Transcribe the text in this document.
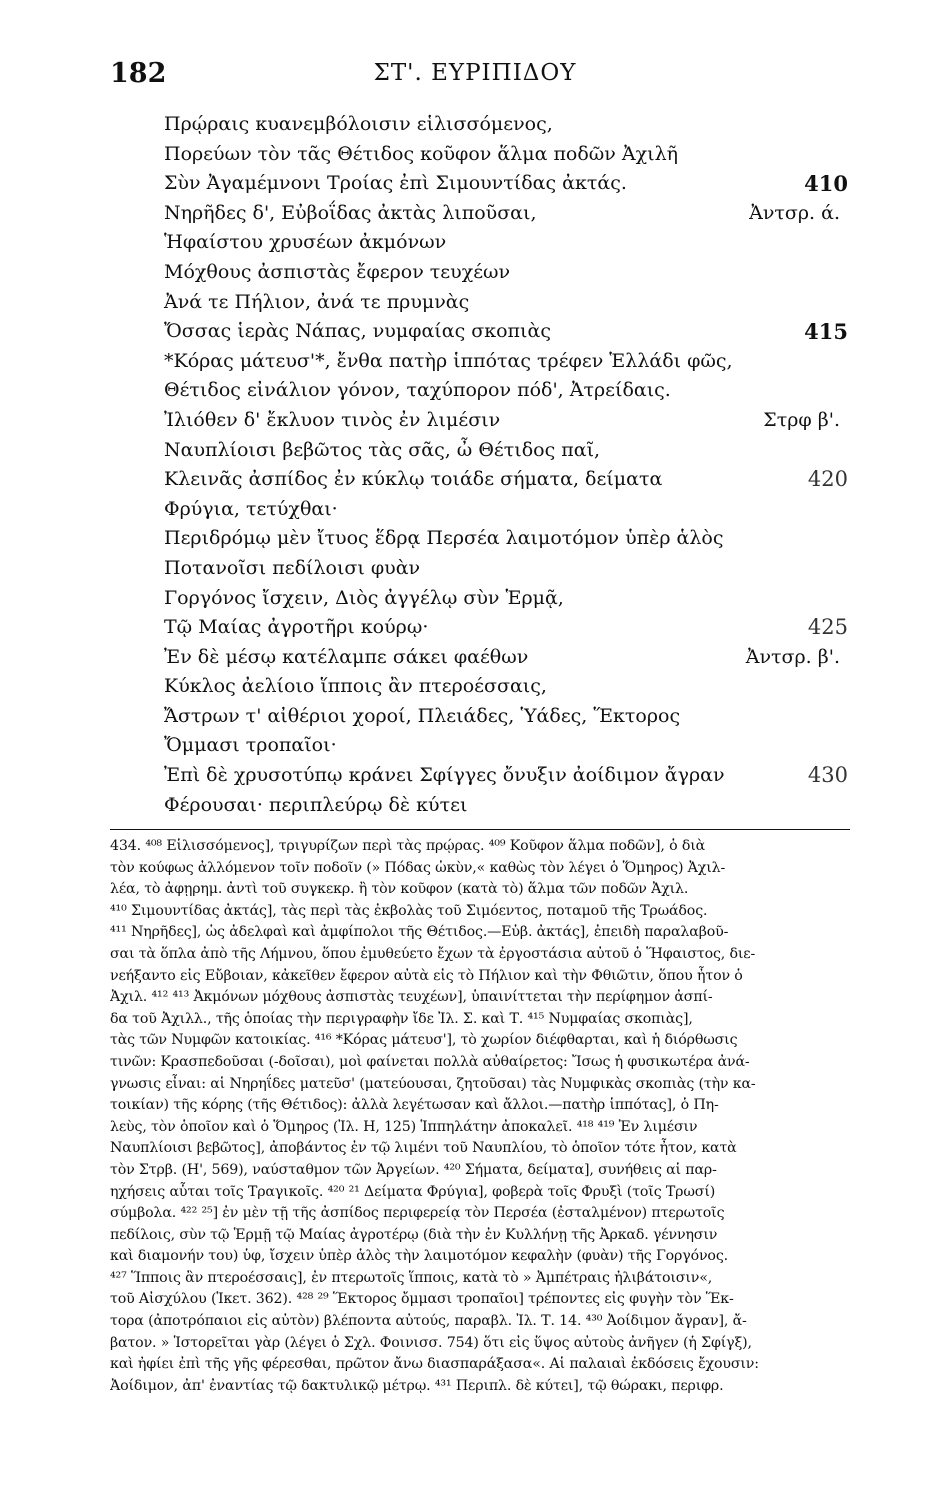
182	ΣΤ'. ΕΥΡΙΠΙΔΟΥ
Πρῴραις κυανεμβόλοισιν εἱλισσόμενος,
Πορεύων τὸν τᾶς Θέτιδος κοῦφον ἅλμα ποδῶν Ἀχιλῆ
Σὺν Ἀγαμέμνονι Τροίας ἐπὶ Σιμουντίδας ἀκτάς.	410
Νηρῆδες δ', Εὐβοΐδας ἀκτὰς λιποῦσαι,	Ἀντσρ. ά.
Ἡφαίστου χρυσέων ἀκμόνων
Μόχθους ἀσπιστὰς ἔφερον τευχέων
Ἀνά τε Πήλιον, ἀνά τε πρυμνὰς
Ὄσσας ἱερὰς Νάπας, νυμφαίας σκοπιὰς	415
*Κόρας μάτευσ'*, ἔνθα πατὴρ ἱππότας τρέφεν Ἑλλάδι φῶς,
Θέτιδος εἰνάλιον γόνον, ταχύπορον πόδ', Ἀτρείδαις.
Ἰλιόθεν δ' ἔκλυον τινὸς ἐν λιμέσιν	Στρφ β'.
Ναυπλίοισι βεβῶτος τὰς σᾶς, ὦ Θέτιδος παῖ,
Κλεινᾶς ἀσπίδος ἐν κύκλῳ τοιάδε σήματα, δείματα	420
Φρύγια, τετύχθαι·
Περιδρόμῳ μὲν ἴτυος ἕδρᾳ Περσέα λαιμοτόμον ὑπὲρ ἁλὸς
Ποτανοῖσι πεδίλοισι φυὰν
Γοργόνος ἴσχειν, Διὸς ἀγγέλῳ σὺν Ἑρμᾷ,
Τῷ Μαίας ἀγροτῆρι κούρῳ·	425
Ἐν δὲ μέσῳ κατέλαμπε σάκει φαέθων	Ἀντσρ. β'.
Κύκλος ἀελίοιο ἵπποις ἂν πτεροέσσαις,
Ἄστρων τ' αἰθέριοι χοροί, Πλειάδες, Ὑάδες, Ἕκτορος
Ὄμμασι τροπαῖοι·
Ἐπὶ δὲ χρυσοτύπῳ κράνει Σφίγγες ὄνυξιν ἀοίδιμον ἄγραν	430
Φέρουσαι· περιπλεύρῳ δὲ κύτει
434. ⁴⁰⁸ Εἱλισσόμενος], τριγυρίζων περὶ τὰς πρῴρας. ⁴⁰⁹ Κοῦφον ἅλμα ποδῶν], ὁ διὰ
τὸν κούφως ἀλλόμενον τοῖν ποδοῖν (» Πόδας ὠκὺν,« καθὼς τὸν λέγει ὁ Ὅμηρος) Ἀχιλ-
λέα, τὸ ἀφῃρημ. ἀντὶ τοῦ συγκεκρ. ἢ τὸν κοῦφον (κατὰ τὸ) ἅλμα τῶν ποδῶν Ἀχιλ.
⁴¹⁰ Σιμουντίδας ἀκτάς], τὰς περὶ τὰς ἐκβολὰς τοῦ Σιμόεντος, ποταμοῦ τῆς Τρωάδος.
⁴¹¹ Νηρῆδες], ὡς ἀδελφαὶ καὶ ἀμφίπολοι τῆς Θέτιδος.—Εὐβ. ἀκτάς], ἐπειδὴ παραλαβοῦ-
σαι τὰ ὅπλα ἀπὸ τῆς Λήμνου, ὅπου ἐμυθεύετο ἔχων τὰ ἐργοστάσια αὐτοῦ ὁ Ἥφαιστος, διε-
νεήξαντο εἰς Εὔβοιαν, κἀκεῖθεν ἔφερον αὐτὰ εἰς τὸ Πήλιον καὶ τὴν Φθιῶτιν, ὅπου ἦτον ὁ
Ἀχιλ. ⁴¹² ⁴¹³ Ἀκμόνων μόχθους ἀσπιστὰς τευχέων], ὑπαινίττεται τὴν περίφημον ἀσπί-
δα τοῦ Ἀχιλλ., τῆς ὁποίας τὴν περιγραφὴν ἴδε Ἰλ. Σ. καὶ Τ. ⁴¹⁵ Νυμφαίας σκοπιὰς],
τὰς τῶν Νυμφῶν κατοικίας. ⁴¹⁶ *Κόρας μάτευσ'], τὸ χωρίον διέφθαρται, καὶ ἡ διόρθωσις
τινῶν: Κρασπεδοῦσαι (-δοῖσαι), μοὶ φαίνεται πολλὰ αὐθαίρετος: Ἴσως ἡ φυσικωτέρα ἀνά-
γνωσις εἶναι: αἱ Νηρηΐδες ματεῦσ' (ματεύουσαι, ζητοῦσαι) τὰς Νυμφικὰς σκοπιὰς (τὴν κα-
τοικίαν) τῆς κόρης (τῆς Θέτιδος): ἀλλὰ λεγέτωσαν καὶ ἄλλοι.—πατὴρ ἱππότας], ὁ Πη-
λεὺς, τὸν ὁποῖον καὶ ὁ Ὅμηρος (Ἰλ. Η, 125) Ἱππηλάτην ἀποκαλεῖ. ⁴¹⁸ ⁴¹⁹ Ἐν λιμέσιν
Ναυπλίοισι βεβῶτος], ἀποβάντος ἐν τῷ λιμένι τοῦ Ναυπλίου, τὸ ὁποῖον τότε ἦτον, κατὰ
τὸν Στρβ. (Η', 569), ναύσταθμον τῶν Ἀργείων. ⁴²⁰ Σήματα, δείματα], συνήθεις αἱ παρ-
ηχήσεις αὗται τοῖς Τραγικοῖς. ⁴²⁰ ²¹ Δείματα Φρύγια], φοβερὰ τοῖς Φρυξὶ (τοῖς Τρωσί)
σύμβολα. ⁴²² ²⁵] ἐν μὲν τῇ τῆς ἀσπίδος περιφερείᾳ τὸν Περσέα (ἐσταλμένον) πτερωτοῖς
πεδίλοις, σὺν τῷ Ἑρμῇ τῷ Μαίας ἀγροτέρῳ (διὰ τὴν ἐν Κυλλήνῃ τῆς Ἀρκαδ. γέννησιν
καὶ διαμονήν του) ὑφ, ἴσχειν ὑπὲρ ἁλὸς τὴν λαιμοτόμον κεφαλὴν (φυὰν) τῆς Γοργόνος.
⁴²⁷ Ἵπποις ἂν πτεροέσσαις], ἐν πτερωτοῖς ἵπποις, κατὰ τὸ » Ἀμπέτραις ἠλιβάτοισιν«,
τοῦ Αἰσχύλου (Ἱκετ. 362). ⁴²⁸ ²⁹ Ἕκτορος ὄμμασι τροπαῖοι] τρέποντες εἰς φυγὴν τὸν Ἕκ-
τορα (ἀποτρόπαιοι εἰς αὐτὸν) βλέποντα αὐτούς, παραβλ. Ἰλ. Τ. 14. ⁴³⁰ Ἀοίδιμον ἄγραν], ἄ-
βατον. » Ἱστορεῖται γὰρ (λέγει ὁ Σχλ. Φοινισσ. 754) ὅτι εἰς ὕψος αὐτοὺς ἀνῆγεν (ἡ Σφίγξ),
καὶ ἠφίει ἐπὶ τῆς γῆς φέρεσθαι, πρῶτον ἄνω διασπαράξασα«. Αἱ παλαιαὶ ἐκδόσεις ἔχουσιν:
Ἀοίδιμον, ἀπ' ἐναντίας τῷ δακτυλικῷ μέτρῳ. ⁴³¹ Περιπλ. δὲ κύτει], τῷ θώρακι, περιφρ.
